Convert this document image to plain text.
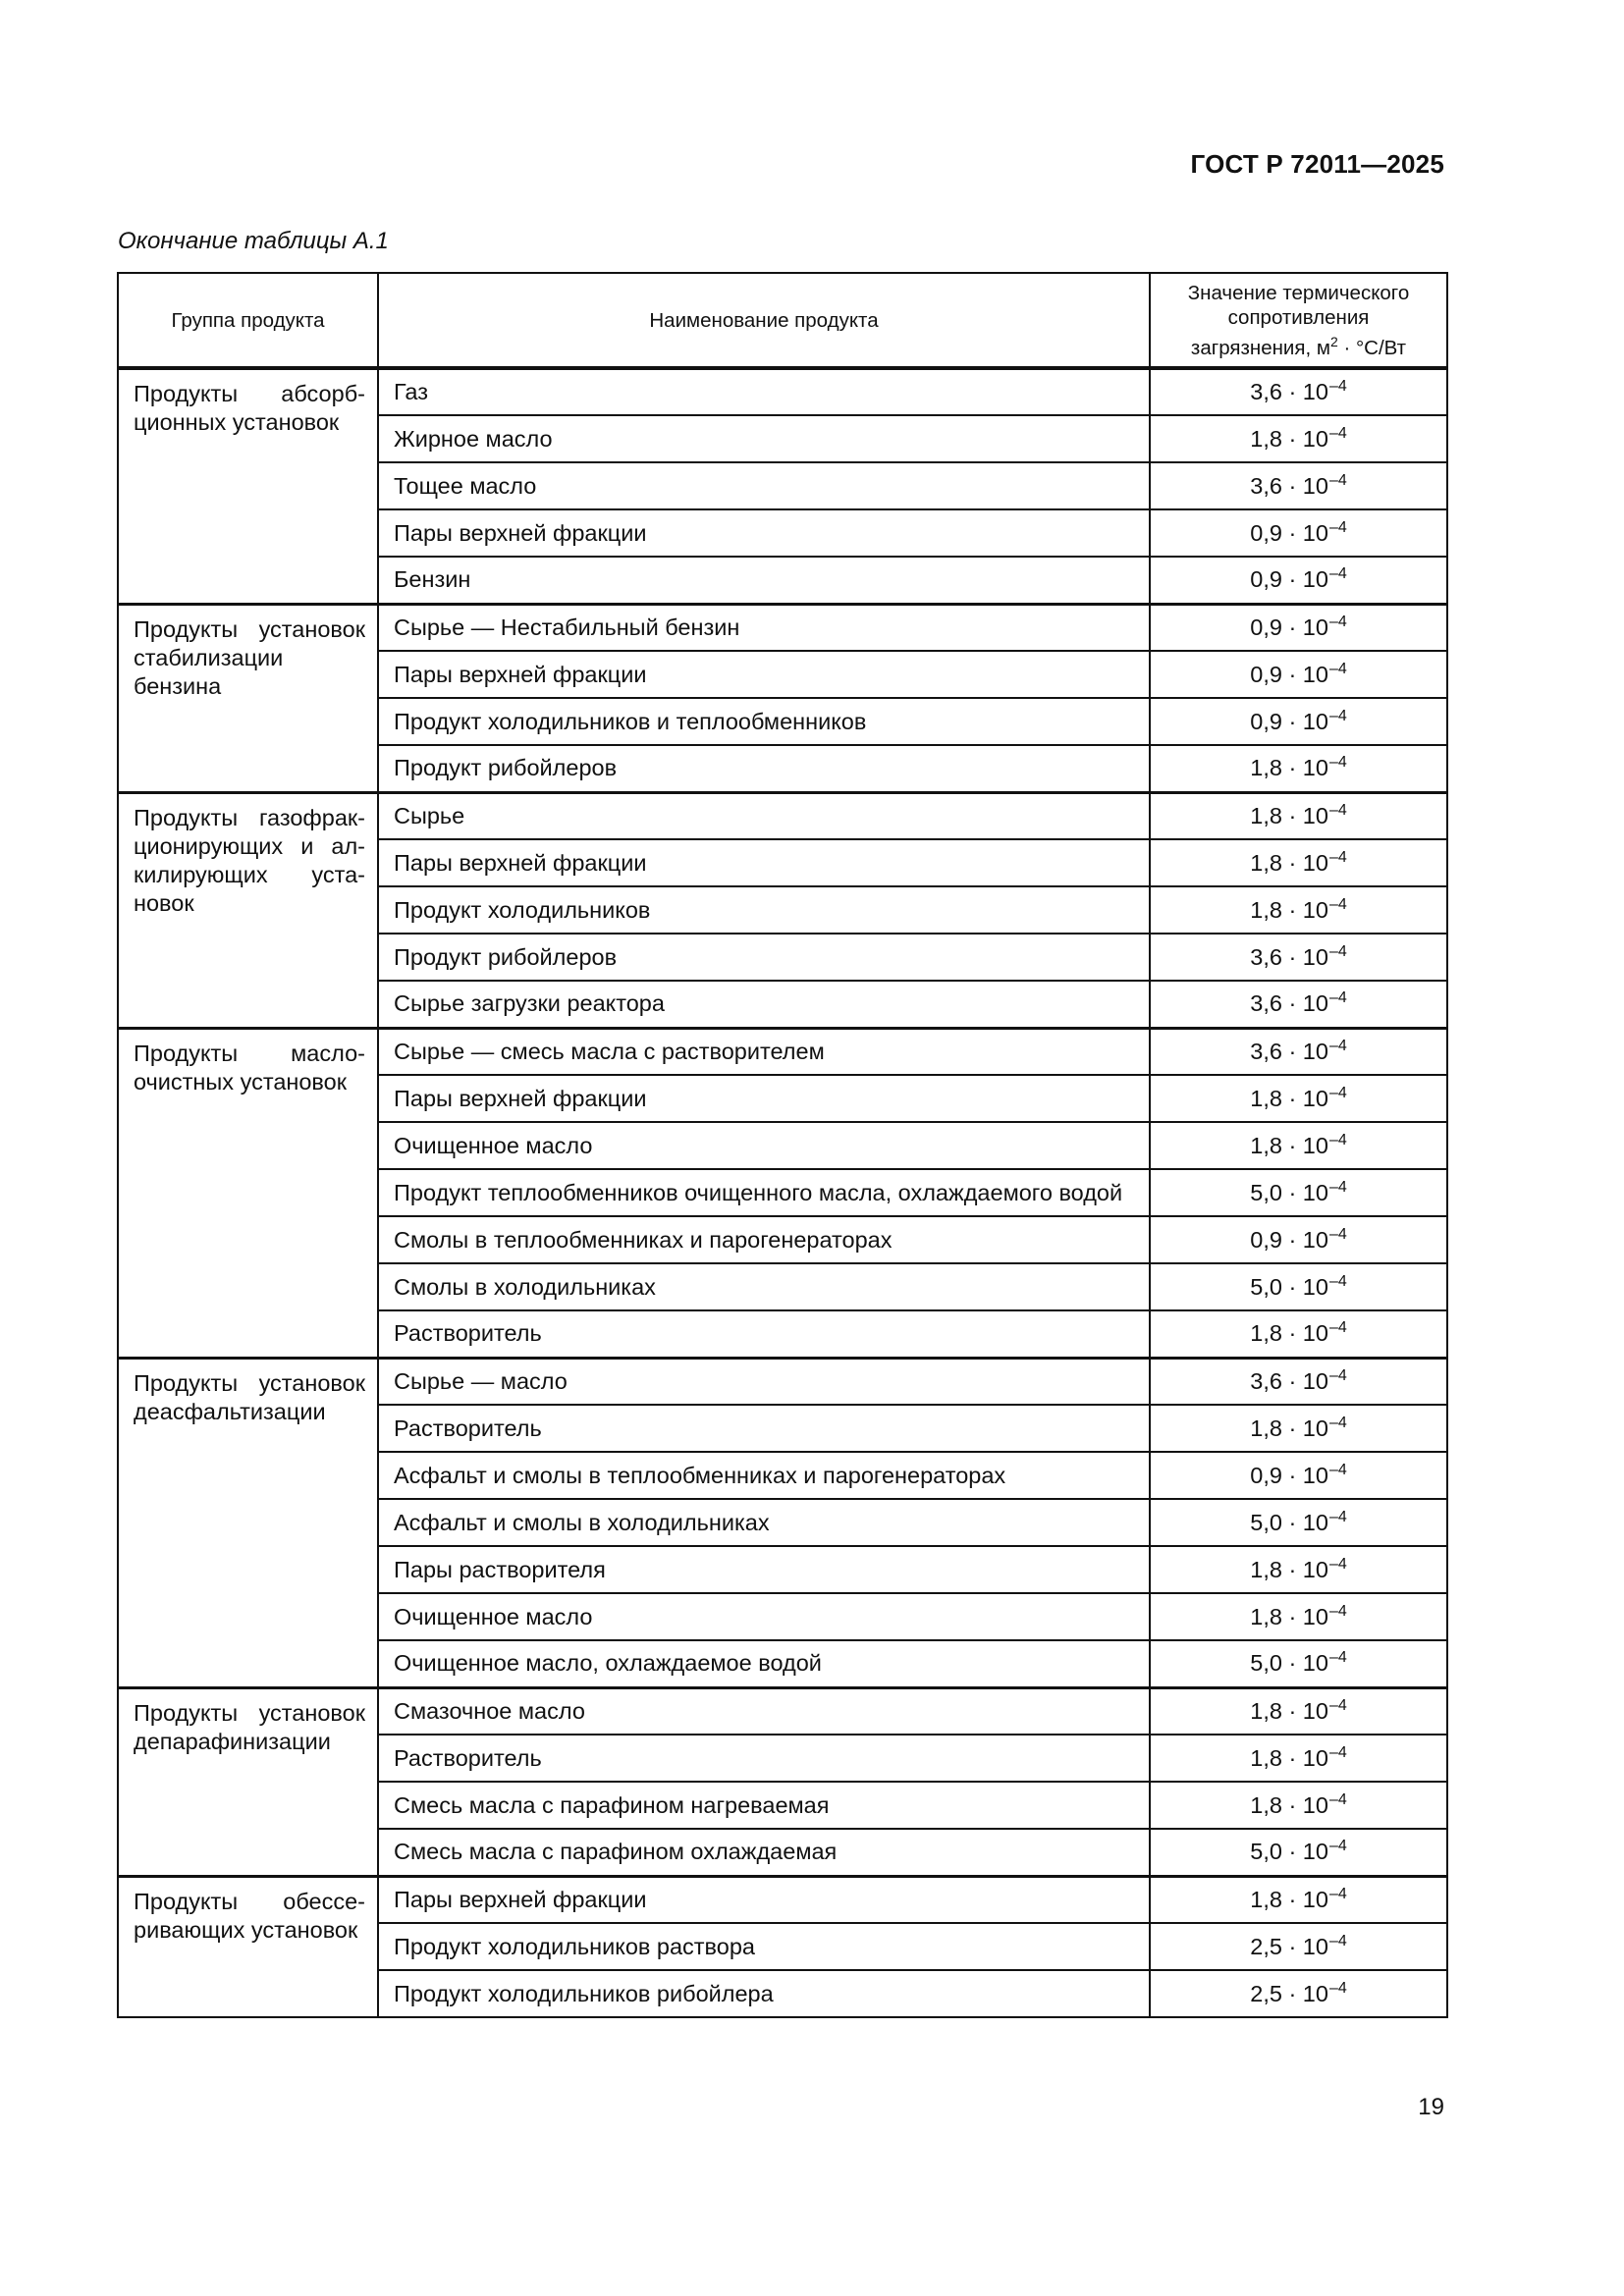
ГОСТ Р 72011—2025
Окончание таблицы А.1
Группа продукта	Наименование продукта	Значение термического
сопротивления
загрязнения, $м^2 \cdot ^\circ С/Вт$
Продукты абсорбционных установок	Газ	$3,6 \cdot 10^{-4}$
	Жирное масло	$1,8 \cdot 10^{-4}$
	Тощее масло	$3,6 \cdot 10^{-4}$
	Пары верхней фракции	$0,9 \cdot 10^{-4}$
	Бензин	$0,9 \cdot 10^{-4}$
Продукты установок стабилизации бензина	Сырье — Нестабильный бензин	$0,9 \cdot 10^{-4}$
	Пары верхней фракции	$0,9 \cdot 10^{-4}$
	Продукт холодильников и теплообменников	$0,9 \cdot 10^{-4}$
	Продукт рибойлеров	$1,8 \cdot 10^{-4}$
Продукты газофракционирующих и алкилирующих установок	Сырье	$1,8 \cdot 10^{-4}$
	Пары верхней фракции	$1,8 \cdot 10^{-4}$
	Продукт холодильников	$1,8 \cdot 10^{-4}$
	Продукт рибойлеров	$3,6 \cdot 10^{-4}$
	Сырье загрузки реактора	$3,6 \cdot 10^{-4}$
Продукты маслоочистных установок	Сырье — смесь масла с растворителем	$3,6 \cdot 10^{-4}$
	Пары верхней фракции	$1,8 \cdot 10^{-4}$
	Очищенное масло	$1,8 \cdot 10^{-4}$
	Продукт теплообменников очищенного масла, охлаждаемого водой	$5,0 \cdot 10^{-4}$
	Смолы в теплообменниках и парогенераторах	$0,9 \cdot 10^{-4}$
	Смолы в холодильниках	$5,0 \cdot 10^{-4}$
	Растворитель	$1,8 \cdot 10^{-4}$
Продукты установок деасфальтизации	Сырье — масло	$3,6 \cdot 10^{-4}$
	Растворитель	$1,8 \cdot 10^{-4}$
	Асфальт и смолы в теплообменниках и парогенераторах	$0,9 \cdot 10^{-4}$
	Асфальт и смолы в холодильниках	$5,0 \cdot 10^{-4}$
	Пары растворителя	$1,8 \cdot 10^{-4}$
	Очищенное масло	$1,8 \cdot 10^{-4}$
	Очищенное масло, охлаждаемое водой	$5,0 \cdot 10^{-4}$
Продукты установок депарафинизации	Смазочное масло	$1,8 \cdot 10^{-4}$
	Растворитель	$1,8 \cdot 10^{-4}$
	Смесь масла с парафином нагреваемая	$1,8 \cdot 10^{-4}$
	Смесь масла с парафином охлаждаемая	$5,0 \cdot 10^{-4}$
Продукты обессеривающих установок	Пары верхней фракции	$1,8 \cdot 10^{-4}$
	Продукт холодильников раствора	$2,5 \cdot 10^{-4}$
	Продукт холодильников рибойлера	$2,5 \cdot 10^{-4}$
19
